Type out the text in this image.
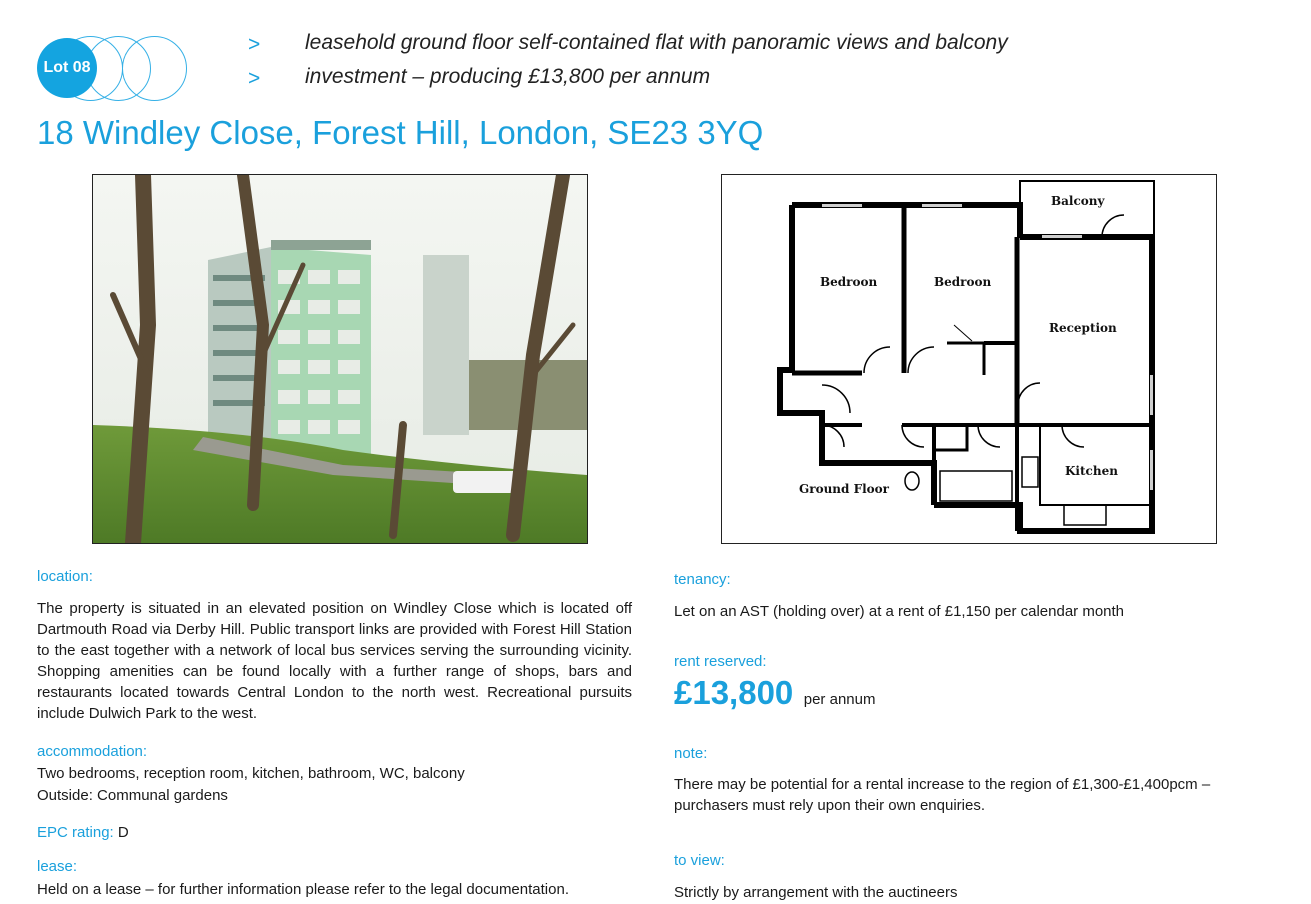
Lot 08
> leasehold ground floor self-contained flat with panoramic views and balcony
> investment – producing £13,800 per annum
18 Windley Close, Forest Hill, London, SE23 3YQ
Balcony
Bedroon	Bedroon
Reception
Kitchen
Ground Floor
location:
The property is situated in an elevated position on Windley Close which is located off Dartmouth Road via Derby Hill. Public transport links are provided with Forest Hill Station to the east together with a network of local bus services serving the surrounding vicinity. Shopping amenities can be found locally with a further range of shops, bars and restaurants located towards Central London to the north west. Recreational pursuits include Dulwich Park to the west.
accommodation:
Two bedrooms, reception room, kitchen, bathroom, WC, balcony
Outside: Communal gardens
EPC rating: D
lease:
Held on a lease – for further information please refer to the legal documentation.
tenancy:
Let on an AST (holding over) at a rent of £1,150 per calendar month
rent reserved:
£13,800 per annum
note:
There may be potential for a rental increase to the region of £1,300-£1,400pcm – purchasers must rely upon their own enquiries.
to view:
Strictly by arrangement with the auctineers
